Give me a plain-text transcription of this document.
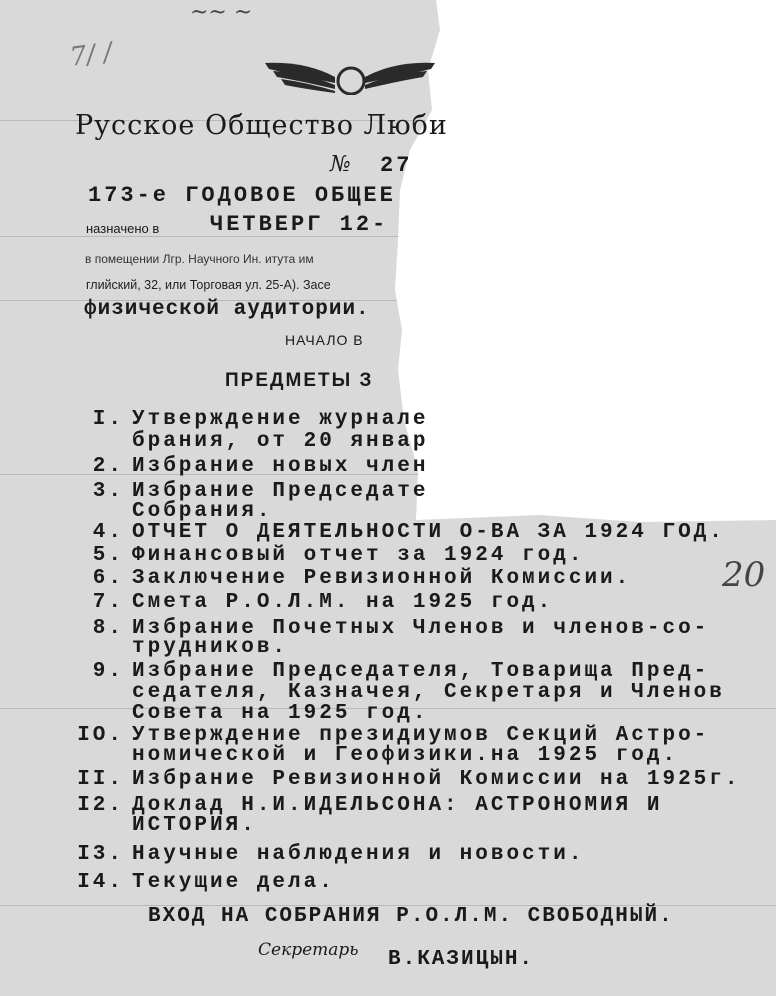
~~ ~
7/ /
Русское Общество Люби
№ 27
173-е ГОДОВОЕ ОБЩЕЕ
назначено в ЧЕТВЕРГ 12-
в помещении Лгр. Научного Ин. итута им
глийский, 32, или Торговая ул. 25-А). Засе
физической аудитории.
НАЧАЛО В
ПРЕДМЕТЫ З
I. Утверждение журнале
брания, от 20 январ
2. Избрание новых член
3. Избрание Председате
Собрания.
4. ОТЧЕТ О ДЕЯТЕЛЬНОСТИ О-ВА ЗА 1924 ГОД.
5. Финансовый отчет за 1924 год.
6. Заключение Ревизионной Комиссии.
7. Смета Р.О.Л.М. на 1925 год.
8. Избрание Почетных Членов и членов-со-
трудников.
9. Избрание Председателя, Товарища Пред-
седателя, Казначея, Секретаря и Членов
Совета на 1925 год.
IO. Утверждение президиумов Секций Астро-
номической и Геофизики.на 1925 год.
II. Избрание Ревизионной Комиссии на 1925г.
I2. Доклад Н.И.ИДЕЛЬСОНА: АСТРОНОМИЯ И
ИСТОРИЯ.
I3. Научные наблюдения и новости.
I4. Текущие дела.
20
ВХОД НА СОБРАНИЯ Р.О.Л.М. СВОБОДНЫЙ.
Секретарь В.КАЗИЦЫН.
